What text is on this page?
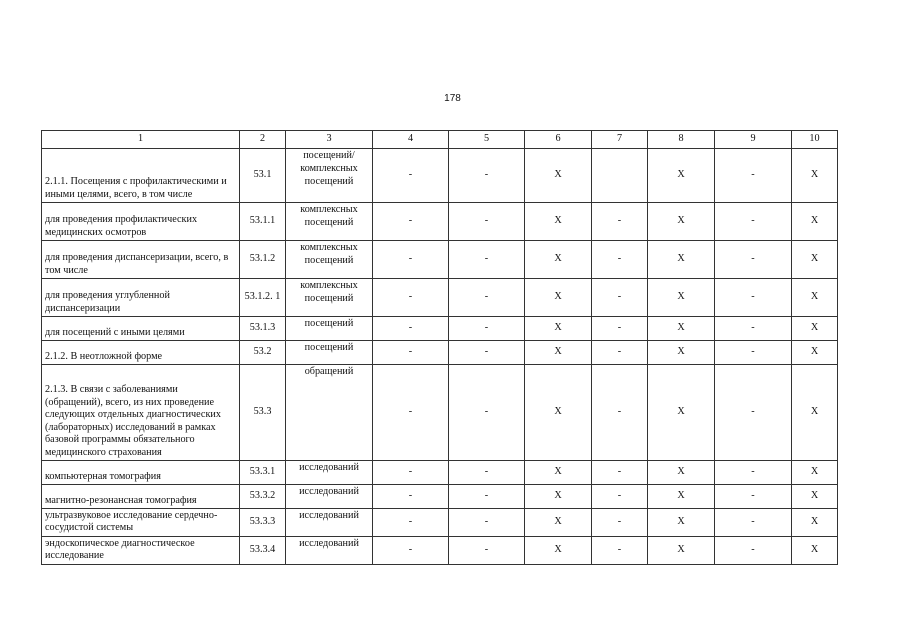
178
1	2	3	4	5	6	7	8	9	10
2.1.1. Посещения с профилактическими и иными целями, всего, в том числе	53.1	посещений/ комплексных посещений	-	-	X		X	-	X
для проведения профилактических медицинских осмотров	53.1.1	комплексных посещений	-	-	X	-	X	-	X
для проведения диспансеризации, всего, в том числе	53.1.2	комплексных посещений	-	-	X	-	X	-	X
для проведения углубленной диспансеризации	53.1.2. 1	комплексных посещений	-	-	X	-	X	-	X
для посещений с иными целями	53.1.3	посещений	-	-	X	-	X	-	X
2.1.2. В неотложной форме	53.2	посещений	-	-	X	-	X	-	X
2.1.3. В связи с заболеваниями (обращений), всего, из них проведение следующих отдельных диагностических (лабораторных) исследований в рамках базовой программы обязательного медицинского страхования	53.3	обращений	-	-	X	-	X	-	X
компьютерная томография	53.3.1	исследований	-	-	X	-	X	-	X
магнитно-резонансная томография	53.3.2	исследований	-	-	X	-	X	-	X
ультразвуковое исследование сердечно-сосудистой системы	53.3.3	исследований	-	-	X	-	X	-	X
эндоскопическое диагностическое исследование	53.3.4	исследований	-	-	X	-	X	-	X
